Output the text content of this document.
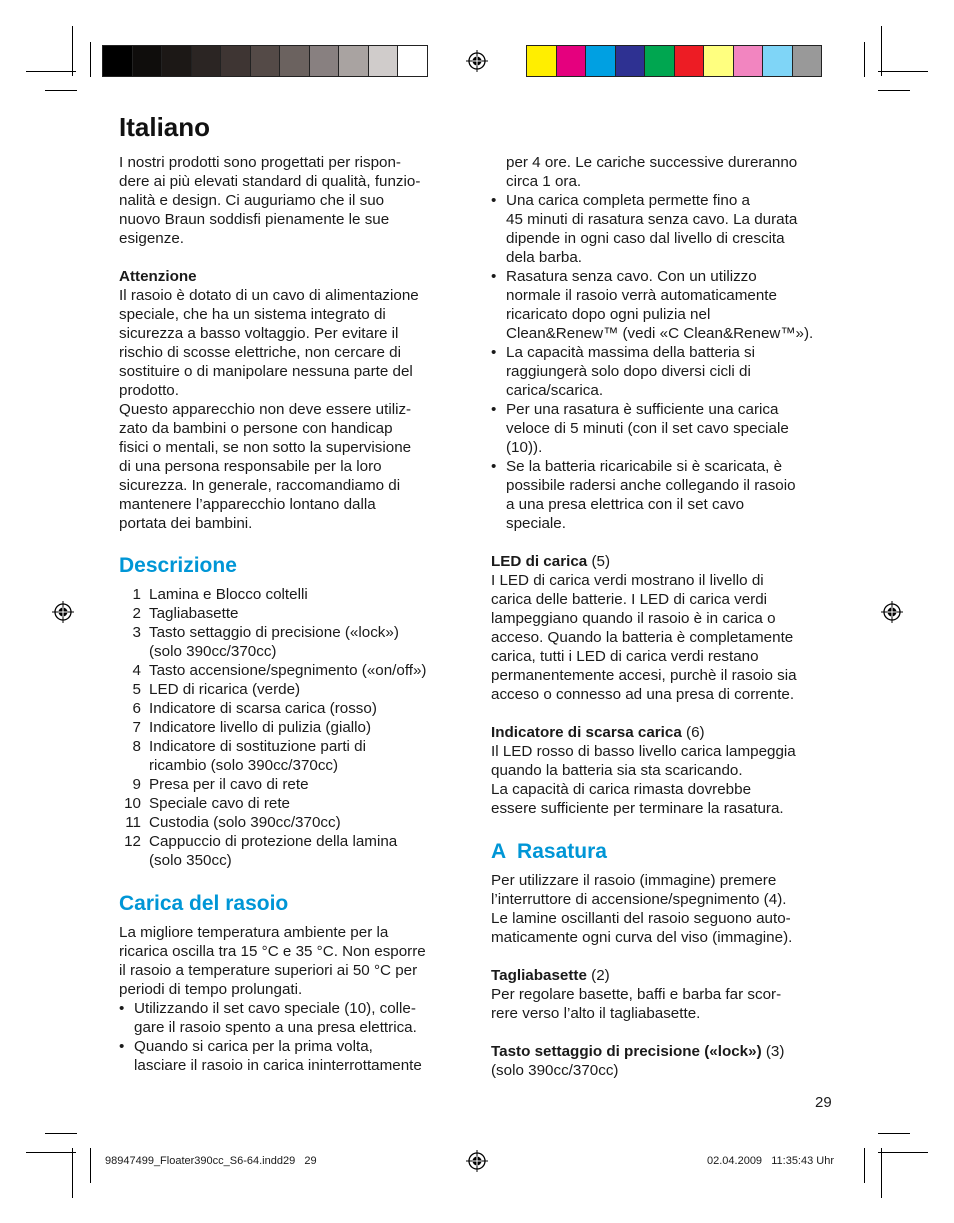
Italiano

I nostri prodotti sono progettati per rispon-
dere ai più elevati standard di qualità, funzio-
nalità e design. Ci auguriamo che il suo
nuovo Braun soddisfi pienamente le sue
esigenze.

Attenzione

Il rasoio è dotato di un cavo di alimentazione
speciale, che ha un sistema integrato di
sicurezza a basso voltaggio. Per evitare il
rischio di scosse elettriche, non cercare di
sostituire o di manipolare nessuna parte del
prodotto.
Questo apparecchio non deve essere utiliz-
zato da bambini o persone con handicap
fisici o mentali, se non sotto la supervisione
di una persona responsabile per la loro
sicurezza. In generale, raccomandiamo di
mantenere l’apparecchio lontano dalla
portata dei bambini.

Descrizione
1 Lamina e Blocco coltelli
2 Tagliabasette
3 Tasto settaggio di precisione («lock»)
(solo 390cc/370cc)
4 Tasto accensione/spegnimento («on/off»)
5 LED di ricarica (verde)
6 Indicatore di scarsa carica (rosso)
7 Indicatore livello di pulizia (giallo)
8 Indicatore di sostituzione parti di
ricambio (solo 390cc/370cc)
9 Presa per il cavo di rete
10 Speciale cavo di rete
11 Custodia (solo 390cc/370cc)
12 Cappuccio di protezione della lamina
(solo 350cc)
Carica del rasoio

La migliore temperatura ambiente per la
ricarica oscilla tra 15 °C e 35 °C. Non esporre
il rasoio a temperature superiori ai 50 °C per
periodi di tempo prolungati.

• Utilizzando il set cavo speciale (10), colle-
gare il rasoio spento a una presa elettrica.
• Quando si carica per la prima volta,
lasciare il rasoio in carica ininterrottamente

per 4 ore. Le cariche successive dureranno
circa 1 ora.

• Una carica completa permette fino a
45 minuti di rasatura senza cavo. La durata
dipende in ogni caso dal livello di crescita
dela barba.
• Rasatura senza cavo. Con un utilizzo
normale il rasoio verrà automaticamente
ricaricato dopo ogni pulizia nel
Clean&Renew™ (vedi «C Clean&Renew™»).
• La capacità massima della batteria si
raggiungerà solo dopo diversi cicli di
carica/scarica.
• Per una rasatura è sufficiente una carica
veloce di 5 minuti (con il set cavo speciale
(10)).
• Se la batteria ricaricabile si è scaricata, è
possibile radersi anche collegando il rasoio
a una presa elettrica con il set cavo
speciale.

LED di carica (5)

I LED di carica verdi mostrano il livello di
carica delle batterie. I LED di carica verdi
lampeggiano quando il rasoio è in carica o
acceso. Quando la batteria è completamente
carica, tutti i LED di carica verdi restano
permanentemente accesi, purchè il rasoio sia
acceso o connesso ad una presa di corrente.

Indicatore di scarsa carica (6)

Il LED rosso di basso livello carica lampeggia
quando la batteria sia sta scaricando.
La capacità di carica rimasta dovrebbe
essere sufficiente per terminare la rasatura.

A  Rasatura

Per utilizzare il rasoio (immagine) premere
l’interruttore di accensione/spegnimento (4).
Le lamine oscillanti del rasoio seguono auto-
maticamente ogni curva del viso (immagine).

Tagliabasette (2)

Per regolare basette, baffi e barba far scor-
rere verso l’alto il tagliabasette.

Tasto settaggio di precisione («lock») (3)

(solo 390cc/370cc)

29
98947499_Floater390cc_S6-64.indd29   29	02.04.2009   11:35:43 Uhr
